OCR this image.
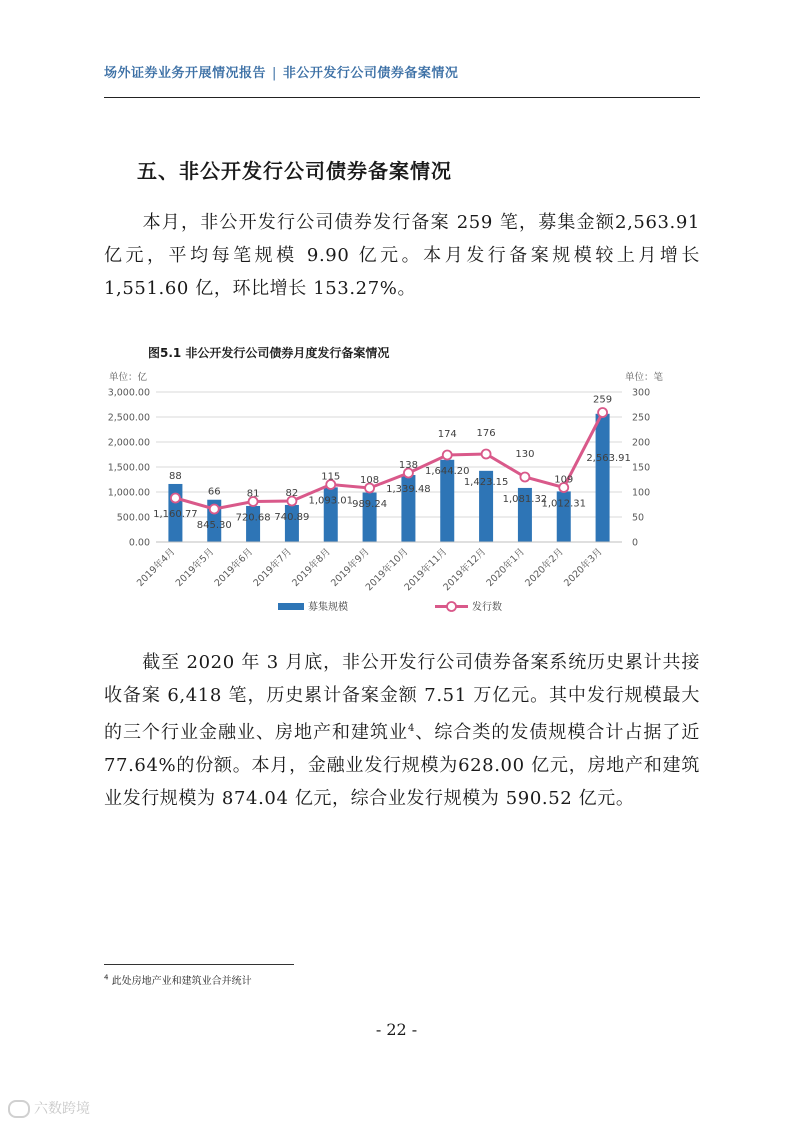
场外证券业务开展情况报告 | 非公开发行公司债券备案情况
五、非公开发行公司债券备案情况
本月，非公开发行公司债券发行备案 259 笔，募集金额2,563.91 亿元，平均每笔规模 9.90 亿元。本月发行备案规模较上月增长 1,551.60 亿，环比增长 153.27%。
图5.1 非公开发行公司债券月度发行备案情况
1,160.77
845.30
720.68 740.89
1,093.01 989.24
1,339.48
1,644.20
1,423.15
1,081.32
1,012.31
2,563.91
88
66	81	82
115 108
138
174 176
130
109
259
0.00
500.00
1,000.00
1,500.00
2,000.00
2,500.00
3,000.00
0
50
100
150
200
250
300
单位：亿	单位：笔
2019年4月
2019年5月
2019年6月
2019年7月
2019年8月
2019年9月
2019年10月
2019年11月
2019年12月
2020年1月
2020年2月
2020年3月
募集规模	发行数
截至 2020 年 3 月底，非公开发行公司债券备案系统历史累计共接收备案 6,418 笔，历史累计备案金额 7.51 万亿元。其中发行规模最大的三个行业金融业、房地产和建筑业$^4$、综合类的发债规模合计占据了近 77.64%的份额。本月，金融业发行规模为628.00 亿元，房地产和建筑业发行规模为 874.04 亿元，综合业发行规模为 590.52 亿元。
$^4$ 此处房地产业和建筑业合并统计
- 22 -
六数跨境
